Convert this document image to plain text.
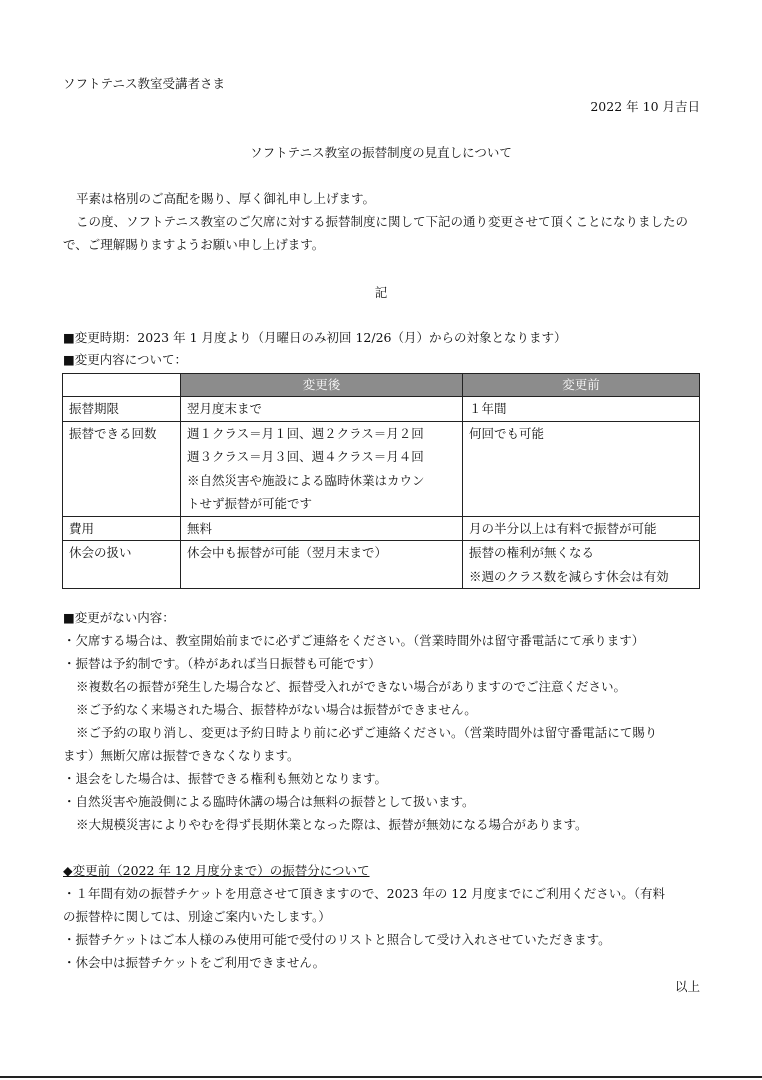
ソフトテニス教室受講者さま
2022 年 10 月吉日
ソフトテニス教室の振替制度の見直しについて
平素は格別のご高配を賜り、厚く御礼申し上げます。
この度、ソフトテニス教室のご欠席に対する振替制度に関して下記の通り変更させて頂くことになりましたの
で、ご理解賜りますようお願い申し上げます。
記
■変更時期：2023 年 1 月度より（月曜日のみ初回 12/26（月）からの対象となります）
■変更内容について：
	変更後	変更前
振替期限	翌月度末まで	１年間

振替できる回数	週１クラス＝月１回、週２クラス＝月２回
週３クラス＝月３回、週４クラス＝月４回
※自然災害や施設による臨時休業はカウン
トせず振替が可能です	何回でも可能

費用	無料	月の半分以上は有料で振替が可能

休会の扱い	休会中も振替が可能（翌月末まで）	振替の権利が無くなる
※週のクラス数を減らす休会は有効
■変更がない内容：
・欠席する場合は、教室開始前までに必ずご連絡をください。（営業時間外は留守番電話にて承ります）
・振替は予約制です。（枠があれば当日振替も可能です）
※複数名の振替が発生した場合など、振替受入れができない場合がありますのでご注意ください。
※ご予約なく来場された場合、振替枠がない場合は振替ができません。
※ご予約の取り消し、変更は予約日時より前に必ずご連絡ください。（営業時間外は留守番電話にて賜り
ます）無断欠席は振替できなくなります。
・退会をした場合は、振替できる権利も無効となります。
・自然災害や施設側による臨時休講の場合は無料の振替として扱います。
※大規模災害によりやむを得ず長期休業となった際は、振替が無効になる場合があります。
◆変更前（2022 年 12 月度分まで）の振替分について
・１年間有効の振替チケットを用意させて頂きますので、2023 年の 12 月度までにご利用ください。（有料
の振替枠に関しては、別途ご案内いたします。）
・振替チケットはご本人様のみ使用可能で受付のリストと照合して受け入れさせていただきます。
・休会中は振替チケットをご利用できません。
以上
